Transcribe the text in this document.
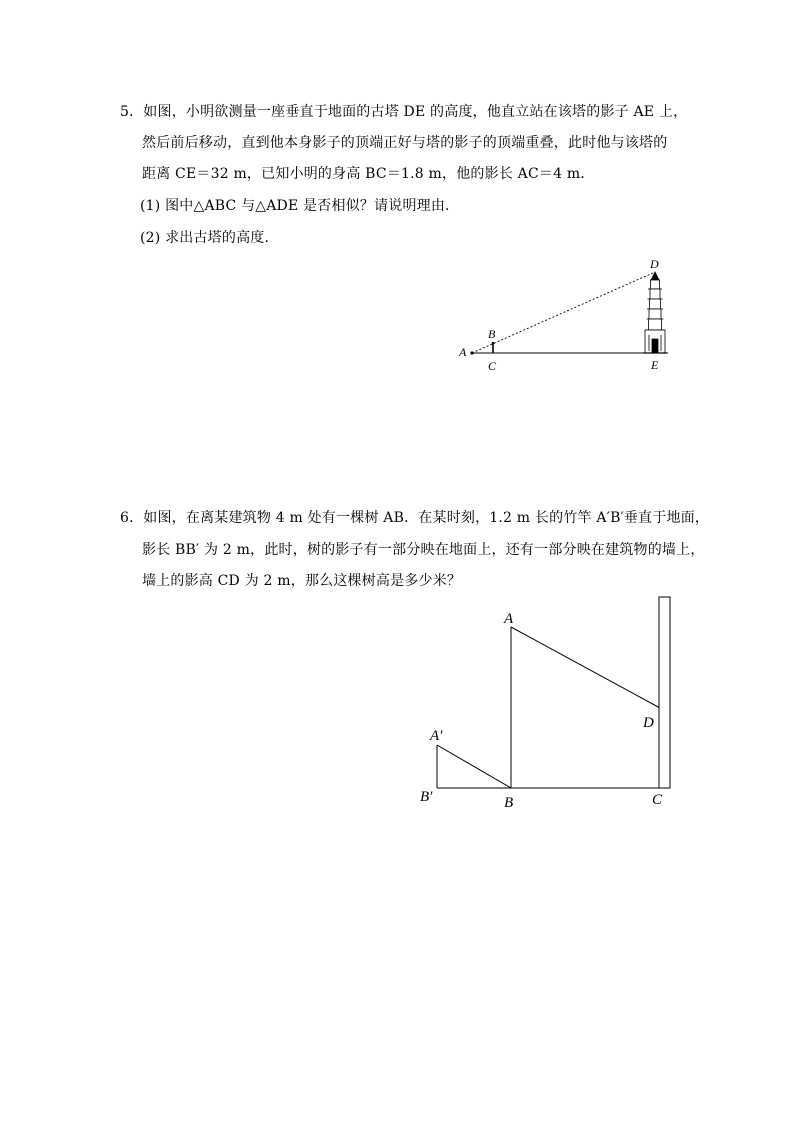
5．如图，小明欲测量一座垂直于地面的古塔 DE 的高度，他直立站在该塔的影子 AE 上，
然后前后移动，直到他本身影子的顶端正好与塔的影子的顶端重叠，此时他与该塔的
距离 CE＝32 m，已知小明的身高 BC＝1.8 m，他的影长 AC＝4 m．
(1) 图中△ABC 与△ADE 是否相似？请说明理由．
(2) 求出古塔的高度．
A
B
C
D
E
6．如图，在离某建筑物 4 m 处有一棵树 AB．在某时刻，1.2 m 长的竹竿 A′B′垂直于地面，
影长 BB′ 为 2 m，此时，树的影子有一部分映在地面上，还有一部分映在建筑物的墙上，
墙上的影高 CD 为 2 m，那么这棵树高是多少米？
A
A′
B′	B	C
D
